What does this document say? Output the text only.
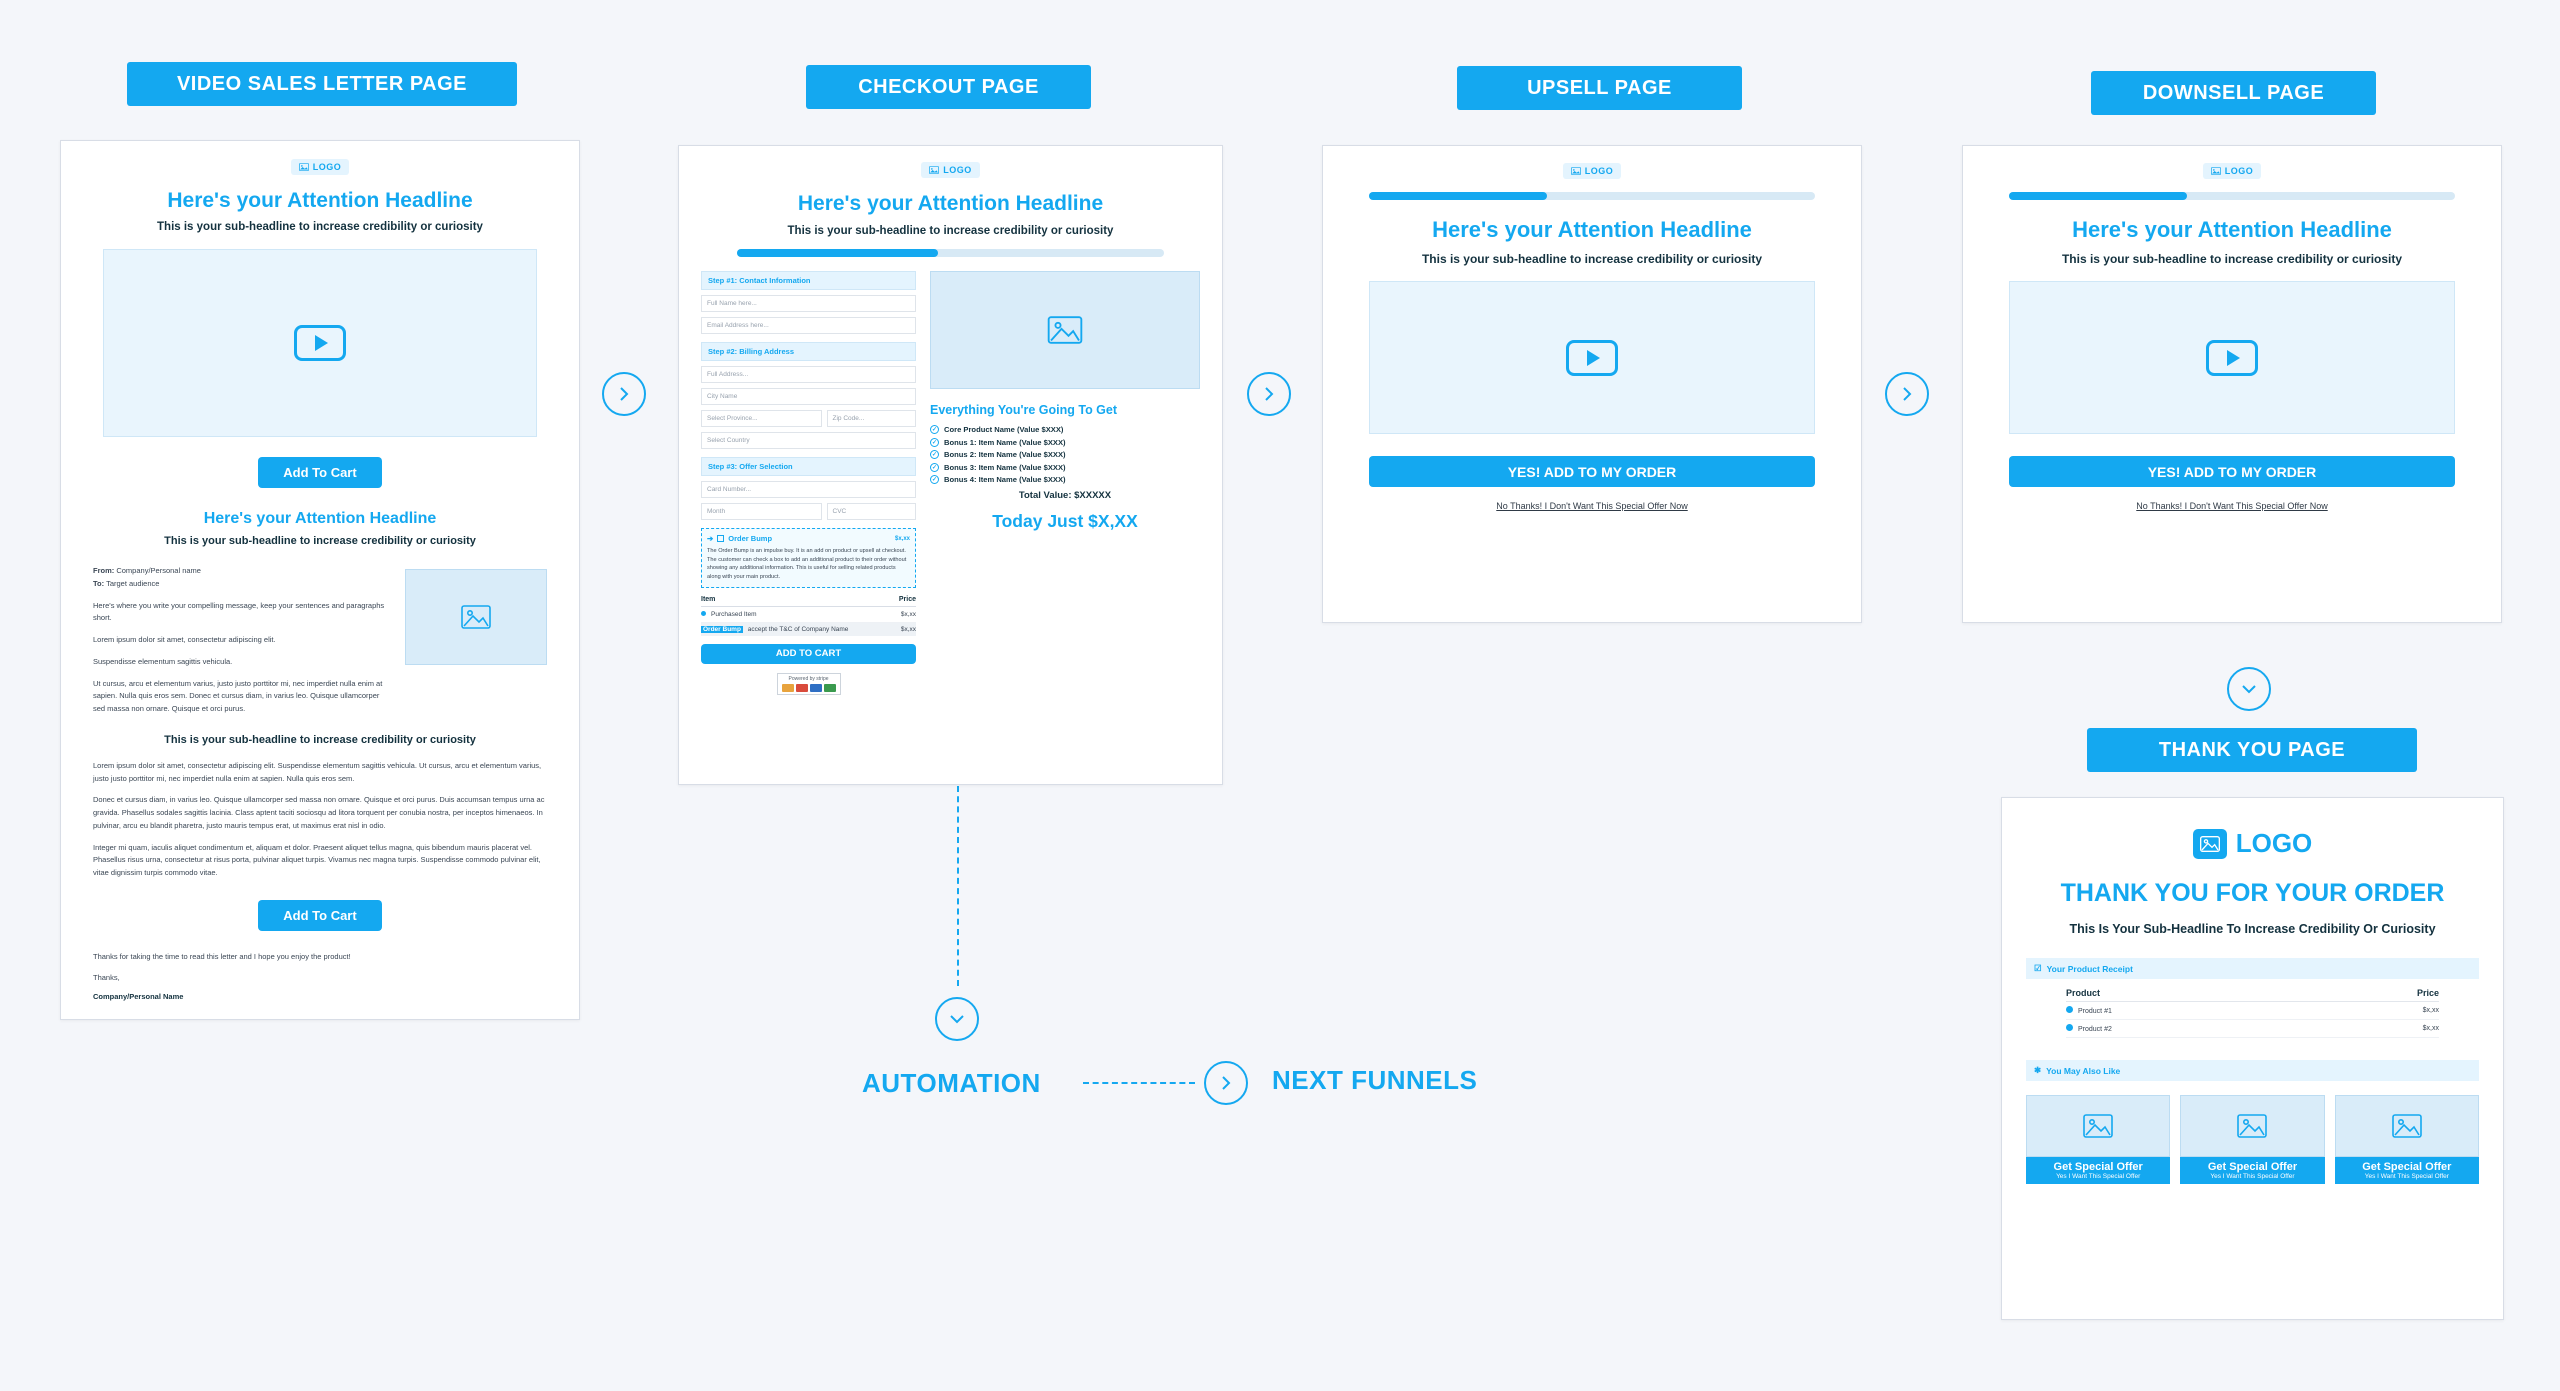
VIDEO SALES LETTER PAGE	CHECKOUT PAGE	UPSELL PAGE	DOWNSELL PAGE
THANK YOU PAGE
AUTOMATION	NEXT FUNNELS
LOGO
Here's your Attention Headline
This is your sub-headline to increase credibility or curiosity
Add To Cart
Here's your Attention Headline
This is your sub-headline to increase credibility or curiosity
From: Company/Personal name
To: Target audience
Here's where you write your compelling message, keep your sentences and paragraphs short.
Lorem ipsum dolor sit amet, consectetur adipiscing elit.
Suspendisse elementum sagittis vehicula.
Ut cursus, arcu et elementum varius, justo justo porttitor mi, nec imperdiet nulla enim at sapien. Nulla quis eros sem. Donec et cursus diam, in varius leo. Quisque ullamcorper sed massa non ornare. Quisque et orci purus.
This is your sub-headline to increase credibility or curiosity
Lorem ipsum dolor sit amet, consectetur adipiscing elit. Suspendisse elementum sagittis vehicula. Ut cursus, arcu et elementum varius, justo justo porttitor mi, nec imperdiet nulla enim at sapien. Nulla quis eros sem.
Donec et cursus diam, in varius leo. Quisque ullamcorper sed massa non ornare. Quisque et orci purus. Duis accumsan tempus urna ac gravida. Phasellus sodales sagittis lacinia. Class aptent taciti sociosqu ad litora torquent per conubia nostra, per inceptos himenaeos. In pulvinar, arcu eu blandit pharetra, justo mauris tempus erat, ut maximus erat nisl in odio.
Integer mi quam, iaculis aliquet condimentum et, aliquam et dolor. Praesent aliquet tellus magna, quis bibendum mauris placerat vel. Phasellus risus urna, consectetur at risus porta, pulvinar aliquet turpis. Vivamus nec magna turpis. Suspendisse commodo pulvinar elit, vitae dignissim turpis commodo vitae.
Add To Cart
Thanks for taking the time to read this letter and I hope you enjoy the product!
Thanks,
Company/Personal Name
LOGO
Here's your Attention Headline
This is your sub-headline to increase credibility or curiosity
Step #1: Contact Information
Full Name here...
Email Address here...
Step #2: Billing Address
Full Address...
City Name
Select Province...	Zip Code...
Select Country
Step #3: Offer Selection
Card Number...
Month	CVC
➔ Order Bump	$x,xx
The Order Bump is an impulse buy. It is an add on product or upsell at checkout. The customer can check a box to add an additional product to their order without showing any additional information. This is useful for selling related products along with your main product.
Item	Price
Purchased Item	$x,xx
Order Bump accept the T&C of Company Name	$x,xx
ADD TO CART
Powered by stripe
Everything You're Going To Get
✓ Core Product Name (Value $XXX)
✓ Bonus 1: Item Name (Value $XXX)
✓ Bonus 2: Item Name (Value $XXX)
✓ Bonus 3: Item Name (Value $XXX)
✓ Bonus 4: Item Name (Value $XXX)
Total Value: $XXXXX
Today Just $X,XX
LOGO
Here's your Attention Headline
This is your sub-headline to increase credibility or curiosity
YES! ADD TO MY ORDER
No Thanks! I Don't Want This Special Offer Now
LOGO
Here's your Attention Headline
This is your sub-headline to increase credibility or curiosity
YES! ADD TO MY ORDER
No Thanks! I Don't Want This Special Offer Now
LOGO
THANK YOU FOR YOUR ORDER
This Is Your Sub-Headline To Increase Credibility Or Curiosity
☑ Your Product Receipt
Product	Price
Product #1	$x,xx
Product #2	$x,xx
✱ You May Also Like
Get Special Offer
Yes I Want This Special Offer
Get Special Offer
Yes I Want This Special Offer
Get Special Offer
Yes I Want This Special Offer
